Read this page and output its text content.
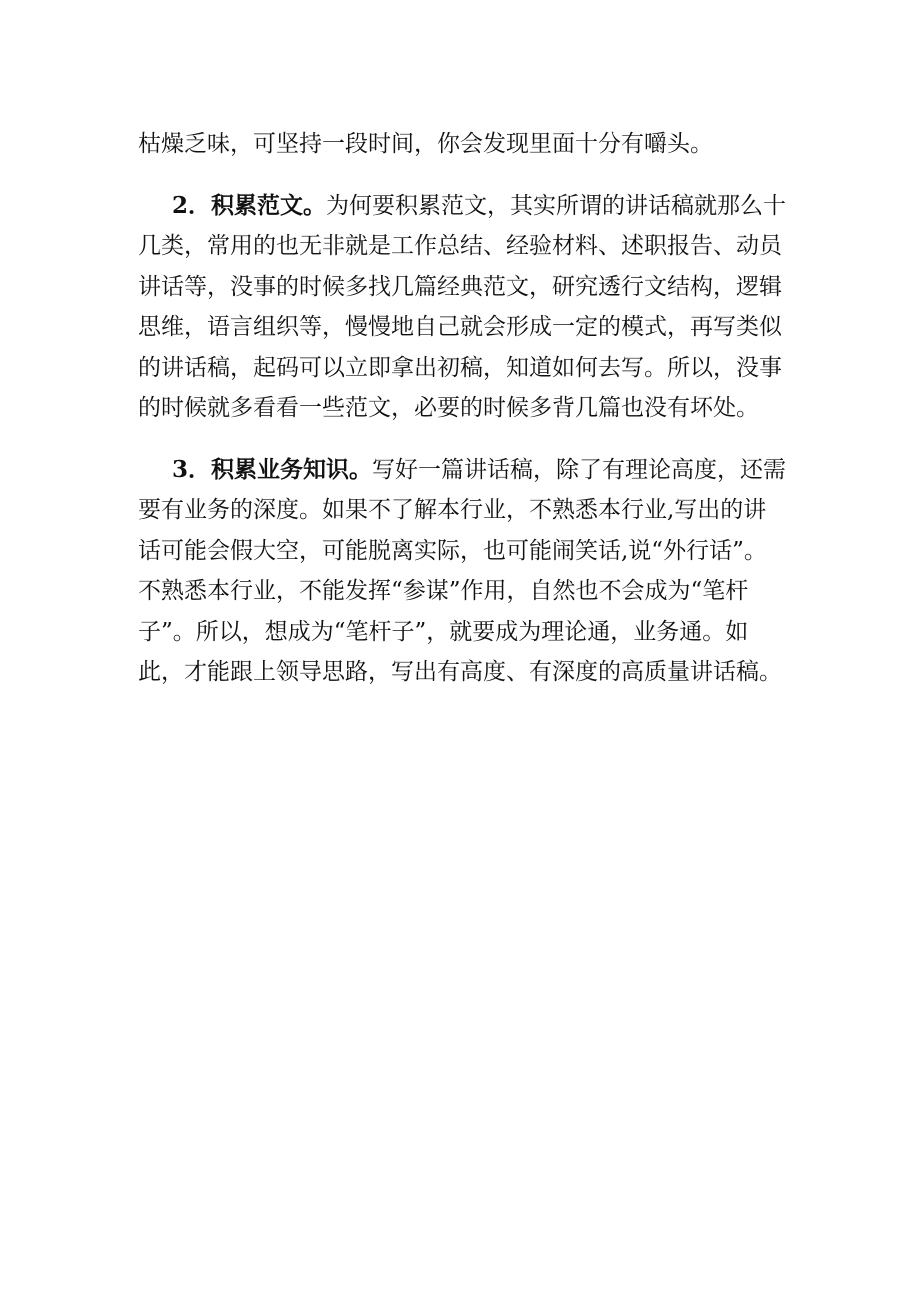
枯燥乏味，可坚持一段时间，你会发现里面十分有嚼头。

2．积累范文。为何要积累范文，其实所谓的讲话稿就那么十
几类，常用的也无非就是工作总结、经验材料、述职报告、动员
讲话等，没事的时候多找几篇经典范文，研究透行文结构，逻辑
思维，语言组织等，慢慢地自己就会形成一定的模式，再写类似
的讲话稿，起码可以立即拿出初稿，知道如何去写。所以，没事
的时候就多看看一些范文，必要的时候多背几篇也没有坏处。

3．积累业务知识。写好一篇讲话稿，除了有理论高度，还需
要有业务的深度。如果不了解本行业，不熟悉本行业,写出的讲
话可能会假大空，可能脱离实际，也可能闹笑话,说“外行话”。
不熟悉本行业，不能发挥“参谋”作用，自然也不会成为“笔杆
子”。所以，想成为“笔杆子”，就要成为理论通，业务通。如
此，才能跟上领导思路，写出有高度、有深度的高质量讲话稿。
